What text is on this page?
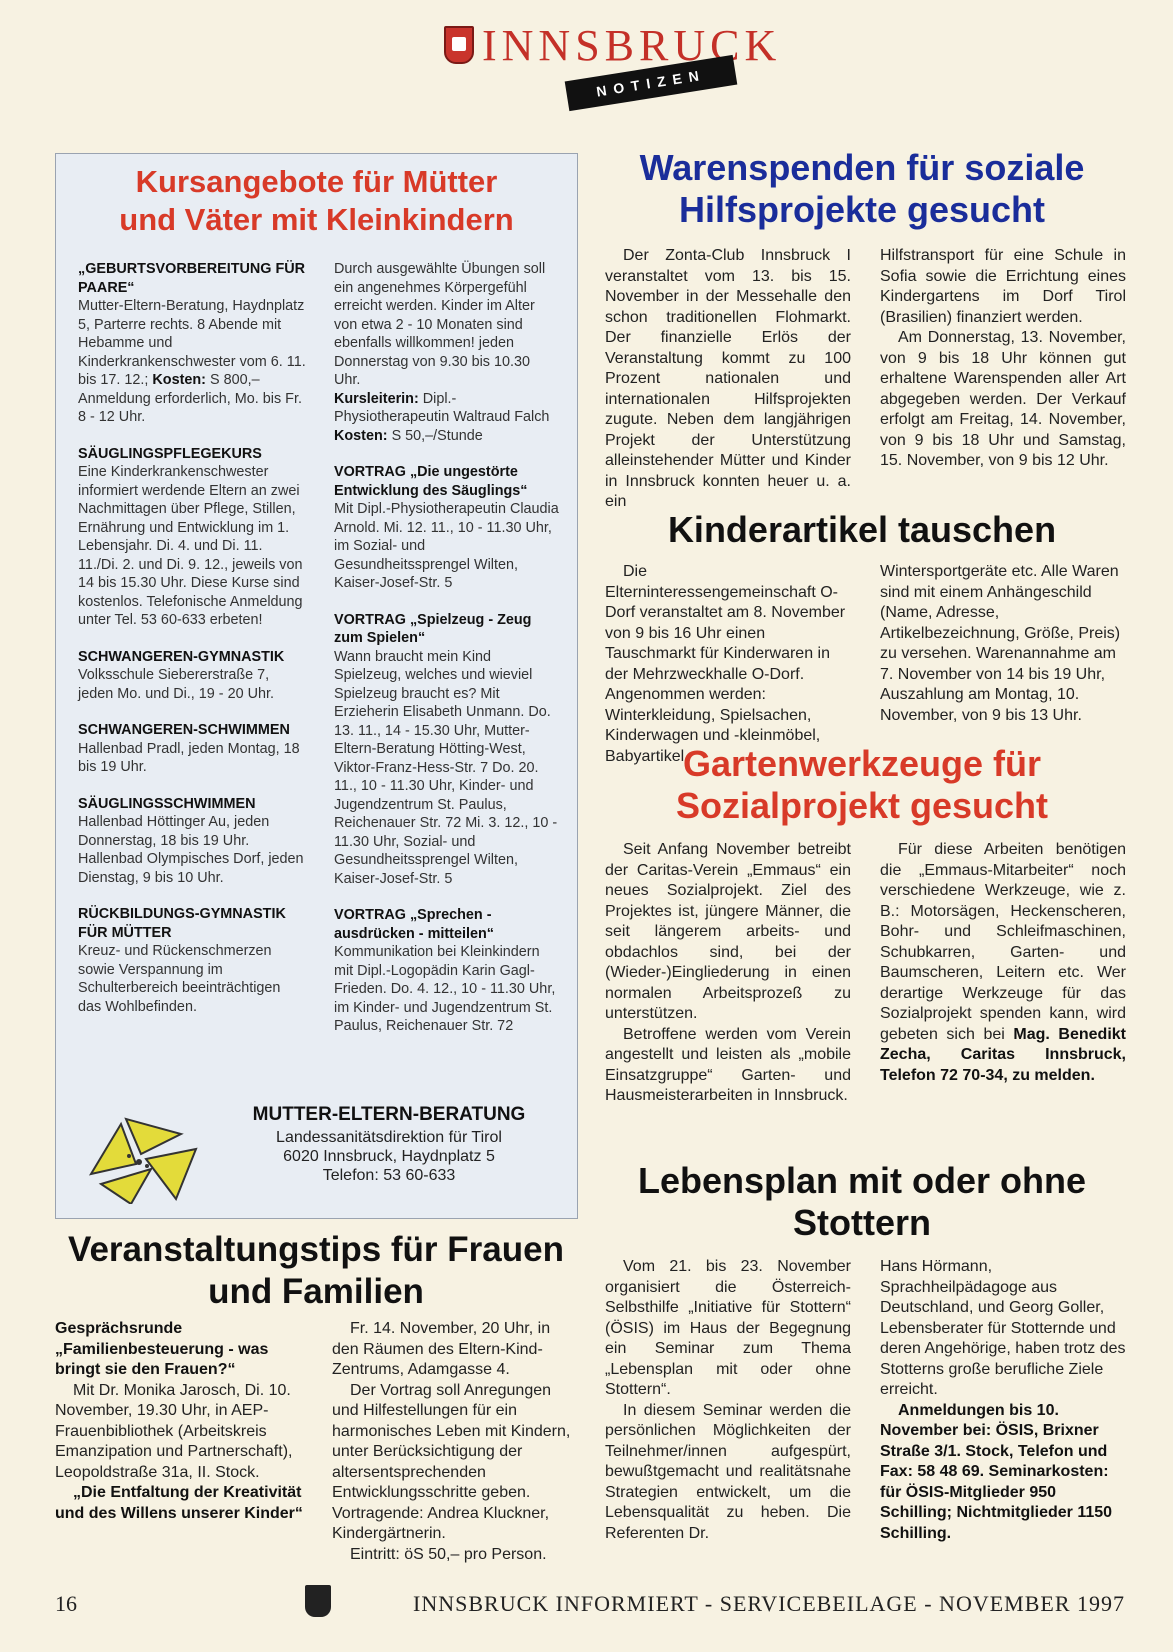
INNSBRUCK
NOTIZEN
Kursangebote für Mütter
und Väter mit Kleinkindern

„GEBURTSVORBEREITUNG FÜR PAARE“

Mutter-Eltern-Beratung, Haydnplatz 5, Parterre rechts. 8 Abende mit Hebamme und Kinderkrankenschwester vom 6. 11. bis 17. 12.; Kosten: S 800,– Anmeldung erforderlich, Mo. bis Fr. 8 - 12 Uhr.

SÄUGLINGSPFLEGEKURS

Eine Kinderkrankenschwester informiert werdende Eltern an zwei Nachmittagen über Pflege, Stillen, Ernährung und Entwicklung im 1. Lebensjahr. Di. 4. und Di. 11. 11./Di. 2. und Di. 9. 12., jeweils von 14 bis 15.30 Uhr. Diese Kurse sind kostenlos. Telefonische Anmeldung unter Tel. 53 60-633 erbeten!

SCHWANGEREN-GYMNASTIK

Volksschule Siebererstraße 7, jeden Mo. und Di., 19 - 20 Uhr.

SCHWANGEREN-SCHWIMMEN

Hallenbad Pradl, jeden Montag, 18 bis 19 Uhr.

SÄUGLINGSSCHWIMMEN

Hallenbad Höttinger Au, jeden Donnerstag, 18 bis 19 Uhr. Hallenbad Olympisches Dorf, jeden Dienstag, 9 bis 10 Uhr.

RÜCKBILDUNGS-GYMNASTIK FÜR MÜTTER

Kreuz- und Rückenschmerzen sowie Verspannung im Schulterbereich beeinträchtigen das Wohlbefinden.

Durch ausgewählte Übungen soll ein angenehmes Körpergefühl erreicht werden. Kinder im Alter von etwa 2 - 10 Monaten sind ebenfalls willkommen! jeden Donnerstag von 9.30 bis 10.30 Uhr.

Kursleiterin: Dipl.-Physiotherapeutin Waltraud Falch

Kosten: S 50,–/Stunde

VORTRAG „Die ungestörte Entwicklung des Säuglings“

Mit Dipl.-Physiotherapeutin Claudia Arnold. Mi. 12. 11., 10 - 11.30 Uhr, im Sozial- und Gesundheitssprengel Wilten, Kaiser-Josef-Str. 5

VORTRAG „Spielzeug - Zeug zum Spielen“

Wann braucht mein Kind Spielzeug, welches und wieviel Spielzeug braucht es? Mit Erzieherin Elisabeth Unmann. Do. 13. 11., 14 - 15.30 Uhr, Mutter-Eltern-Beratung Hötting-West, Viktor-Franz-Hess-Str. 7 Do. 20. 11., 10 - 11.30 Uhr, Kinder- und Jugendzentrum St. Paulus, Reichenauer Str. 72 Mi. 3. 12., 10 - 11.30 Uhr, Sozial- und Gesundheitssprengel Wilten, Kaiser-Josef-Str. 5

VORTRAG „Sprechen - ausdrücken - mitteilen“

Kommunikation bei Kleinkindern mit Dipl.-Logopädin Karin Gagl-Frieden. Do. 4. 12., 10 - 11.30 Uhr, im Kinder- und Jugendzentrum St. Paulus, Reichenauer Str. 72

MUTTER-ELTERN-BERATUNG
Landessanitätsdirektion für Tirol
6020 Innsbruck, Haydnplatz 5
Telefon: 53 60-633
Veranstaltungstips für Frauen
und Familien

Gesprächsrunde „Familienbesteuerung - was bringt sie den Frauen?“

Mit Dr. Monika Jarosch, Di. 10. November, 19.30 Uhr, in AEP-Frauenbibliothek (Arbeitskreis Emanzipation und Partnerschaft), Leopoldstraße 31a, II. Stock.

„Die Entfaltung der Kreativität und des Willens unserer Kinder“

Fr. 14. November, 20 Uhr, in den Räumen des Eltern-Kind-Zentrums, Adamgasse 4.

Der Vortrag soll Anregungen und Hilfestellungen für ein harmonisches Leben mit Kindern, unter Berücksichtigung der altersentsprechenden Entwicklungsschritte geben. Vortragende: Andrea Kluckner, Kindergärtnerin.

Eintritt: öS 50,– pro Person.

Warenspenden für soziale
Hilfsprojekte gesucht

Der Zonta-Club Innsbruck I veranstaltet vom 13. bis 15. November in der Messehalle den schon traditionellen Flohmarkt. Der finanzielle Erlös der Veranstaltung kommt zu 100 Prozent nationalen und internationalen Hilfsprojekten zugute. Neben dem langjährigen Projekt der Unterstützung alleinstehender Mütter und Kinder in Innsbruck konnten heuer u. a. ein

Hilfstransport für eine Schule in Sofia sowie die Errichtung eines Kindergartens im Dorf Tirol (Brasilien) finanziert werden.

Am Donnerstag, 13. November, von 9 bis 18 Uhr können gut erhaltene Warenspenden aller Art abgegeben werden. Der Verkauf erfolgt am Freitag, 14. November, von 9 bis 18 Uhr und Samstag, 15. November, von 9 bis 12 Uhr.

Kinderartikel tauschen

Die Elterninteressengemeinschaft O-Dorf veranstaltet am 8. November von 9 bis 16 Uhr einen Tauschmarkt für Kinderwaren in der Mehrzweckhalle O-Dorf. Angenommen werden: Winterkleidung, Spielsachen, Kinderwagen und -kleinmöbel, Babyartikel,

Wintersportgeräte etc. Alle Waren sind mit einem Anhängeschild (Name, Adresse, Artikelbezeichnung, Größe, Preis) zu versehen. Warenannahme am 7. November von 14 bis 19 Uhr, Auszahlung am Montag, 10. November, von 9 bis 13 Uhr.

Gartenwerkzeuge für
Sozialprojekt gesucht

Seit Anfang November betreibt der Caritas-Verein „Emmaus“ ein neues Sozialprojekt. Ziel des Projektes ist, jüngere Männer, die seit längerem arbeits- und obdachlos sind, bei der (Wieder-)Eingliederung in einen normalen Arbeitsprozeß zu unterstützen.

Betroffene werden vom Verein angestellt und leisten als „mobile Einsatzgruppe“ Garten- und Hausmeisterarbeiten in Innsbruck.

Für diese Arbeiten benötigen die „Emmaus-Mitarbeiter“ noch verschiedene Werkzeuge, wie z. B.: Motorsägen, Heckenscheren, Bohr- und Schleifmaschinen, Schubkarren, Garten- und Baumscheren, Leitern etc. Wer derartige Werkzeuge für das Sozialprojekt spenden kann, wird gebeten sich bei Mag. Benedikt Zecha, Caritas Innsbruck, Telefon 72 70-34, zu melden.

Lebensplan mit oder ohne
Stottern

Vom 21. bis 23. November organisiert die Österreich-Selbsthilfe „Initiative für Stottern“ (ÖSIS) im Haus der Begegnung ein Seminar zum Thema „Lebensplan mit oder ohne Stottern“.

In diesem Seminar werden die persönlichen Möglichkeiten der Teilnehmer/innen aufgespürt, bewußtgemacht und realitätsnahe Strategien entwickelt, um die Lebensqualität zu heben. Die Referenten Dr.

Hans Hörmann, Sprachheilpädagoge aus Deutschland, und Georg Goller, Lebensberater für Stotternde und deren Angehörige, haben trotz des Stotterns große berufliche Ziele erreicht.

Anmeldungen bis 10. November bei: ÖSIS, Brixner Straße 3/1. Stock, Telefon und Fax: 58 48 69. Seminarkosten: für ÖSIS-Mitglieder 950 Schilling; Nichtmitglieder 1150 Schilling.

16	INNSBRUCK INFORMIERT - SERVICEBEILAGE - NOVEMBER 1997
